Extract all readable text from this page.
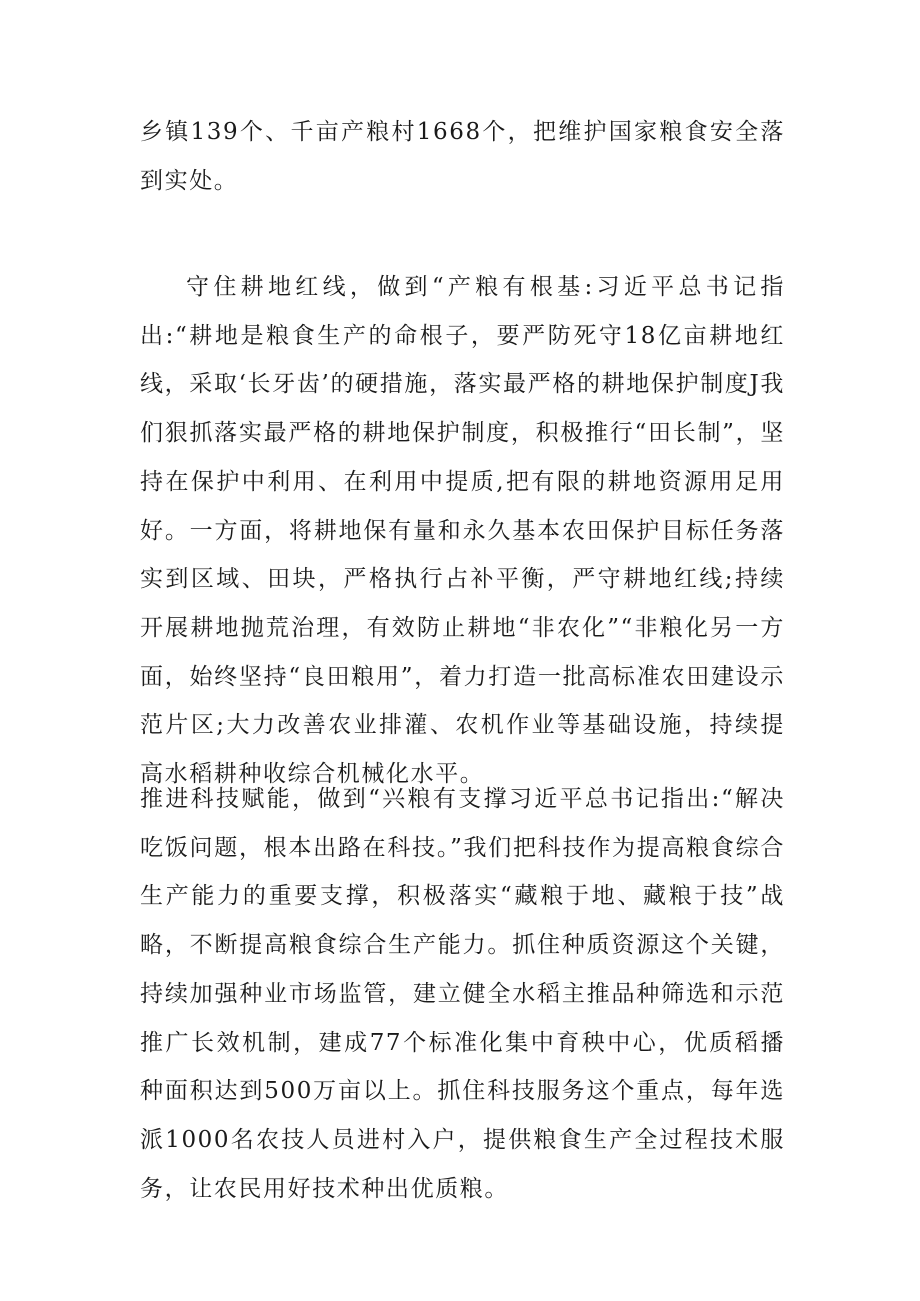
乡镇139个、千亩产粮村1668个，把维护国家粮食安全落到实处。

守住耕地红线，做到“产粮有根基:习近平总书记指出:“耕地是粮食生产的命根子，要严防死守18亿亩耕地红线，采取‘长牙齿’的硬措施，落实最严格的耕地保护制度J我们狠抓落实最严格的耕地保护制度，积极推行“田长制”，坚持在保护中利用、在利用中提质,把有限的耕地资源用足用好。一方面，将耕地保有量和永久基本农田保护目标任务落实到区域、田块，严格执行占补平衡，严守耕地红线;持续开展耕地抛荒治理，有效防止耕地“非农化”“非粮化另一方面，始终坚持“良田粮用”，着力打造一批高标准农田建设示范片区;大力改善农业排灌、农机作业等基础设施，持续提高水稻耕种收综合机械化水平。

推进科技赋能，做到“兴粮有支撑习近平总书记指出:“解决吃饭问题，根本出路在科技。”我们把科技作为提高粮食综合生产能力的重要支撑，积极落实“藏粮于地、藏粮于技”战略，不断提高粮食综合生产能力。抓住种质资源这个关键，持续加强种业市场监管，建立健全水稻主推品种筛选和示范推广长效机制，建成77个标准化集中育秧中心，优质稻播种面积达到500万亩以上。抓住科技服务这个重点，每年选派1000名农技人员进村入户，提供粮食生产全过程技术服务，让农民用好技术种出优质粮。
